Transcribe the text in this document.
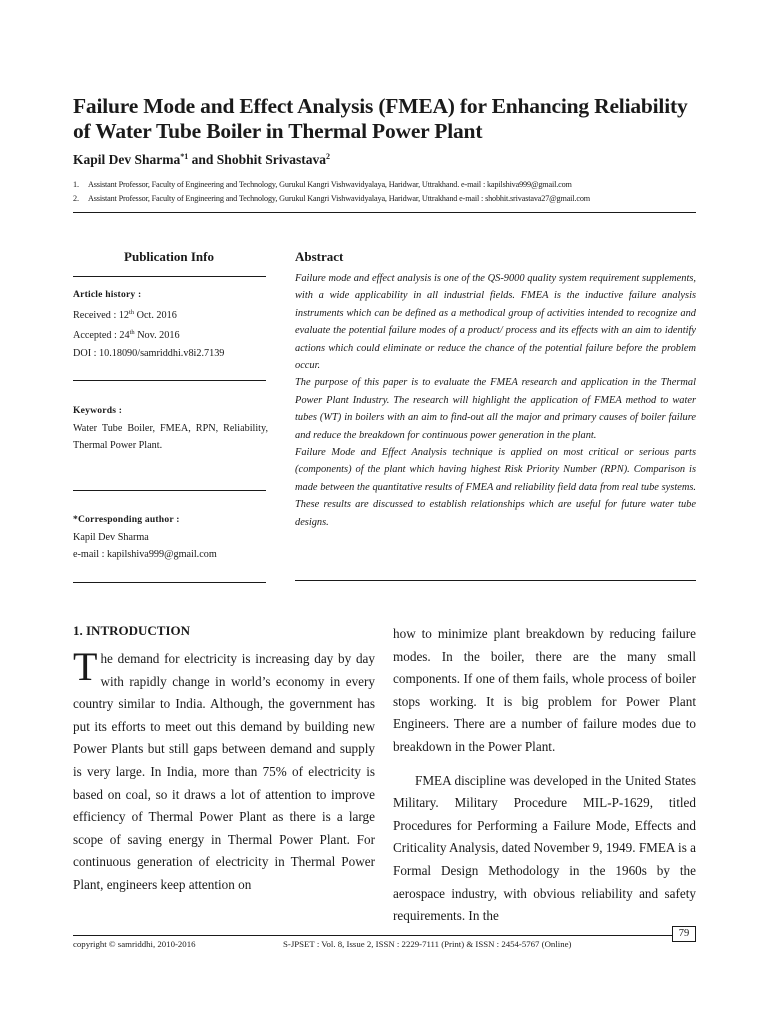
Failure Mode and Effect Analysis (FMEA) for Enhancing Reliability
of Water Tube Boiler in Thermal Power Plant
Kapil Dev Sharma$^{*1}$ and Shobhit Srivastava$^2$
1. Assistant Professor, Faculty of Engineering and Technology, Gurukul Kangri Vishwavidyalaya, Haridwar, Uttrakhand. e-mail : kapilshiva999@gmail.com
2. Assistant Professor, Faculty of Engineering and Technology, Gurukul Kangri Vishwavidyalaya, Haridwar, Uttrakhand e-mail : shobhit.srivastava27@gmail.com
Publication Info	Abstract
Article history :
Received : 12th Oct. 2016
Accepted : 24th Nov. 2016
DOI : 10.18090/samriddhi.v8i2.7139
Keywords :
Water Tube Boiler, FMEA, RPN, Reliability, Thermal Power Plant.
*Corresponding author :
Kapil Dev Sharma
e-mail : kapilshiva999@gmail.com

Failure mode and effect analysis is one of the QS-9000 quality system requirement supplements, with a wide applicability in all industrial fields. FMEA is the inductive failure analysis instruments which can be defined as a methodical group of activities intended to recognize and evaluate the potential failure modes of a product/ process and its effects with an aim to identify actions which could eliminate or reduce the chance of the potential failure before the problem occur.

The purpose of this paper is to evaluate the FMEA research and application in the Thermal Power Plant Industry. The research will highlight the application of FMEA method to water tubes (WT) in boilers with an aim to find-out all the major and primary causes of boiler failure and reduce the breakdown for continuous power generation in the plant.

Failure Mode and Effect Analysis technique is applied on most critical or serious parts (components) of the plant which having highest Risk Priority Number (RPN). Comparison is made between the quantitative results of FMEA and reliability field data from real tube systems. These results are discussed to establish relationships which are useful for future water tube designs.

1. INTRODUCTION

The demand for electricity is increasing day by day with rapidly change in world’s economy in every country similar to India. Although, the government has put its efforts to meet out this demand by building new Power Plants but still gaps between demand and supply is very large. In India, more than 75% of electricity is based on coal, so it draws a lot of attention to improve efficiency of Thermal Power Plant as there is a large scope of saving energy in Thermal Power Plant. For continuous generation of electricity in Thermal Power Plant, engineers keep attention on

how to minimize plant breakdown by reducing failure modes. In the boiler, there are the many small components. If one of them fails, whole process of boiler stops working. It is big problem for Power Plant Engineers. There are a number of failure modes due to breakdown in the Power Plant.

FMEA discipline was developed in the United States Military. Military Procedure MIL-P-1629, titled Procedures for Performing a Failure Mode, Effects and Criticality Analysis, dated November 9, 1949. FMEA is a Formal Design Methodology in the 1960s by the aerospace industry, with obvious reliability and safety requirements. In the

79
copyright © samriddhi, 2010-2016	S-JPSET : Vol. 8, Issue 2, ISSN : 2229-7111 (Print) & ISSN : 2454-5767 (Online)
